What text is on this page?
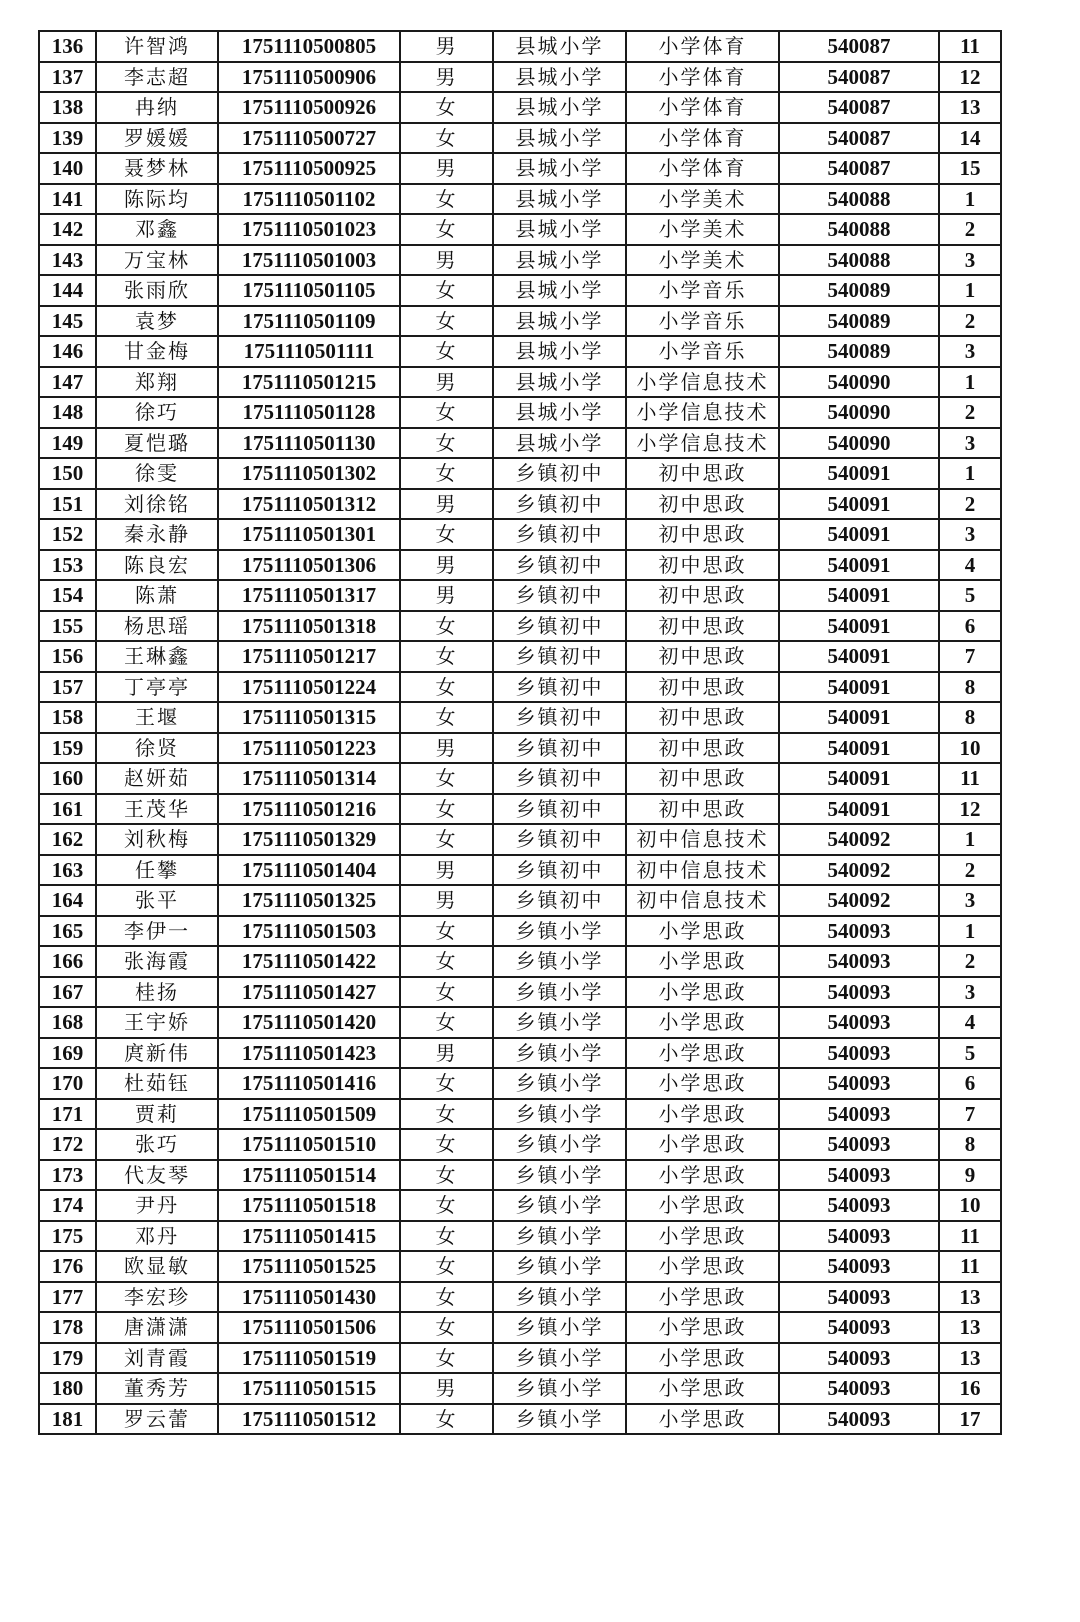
136	许智鸿	1751110500805	男	县城小学	小学体育	540087	11
137	李志超	1751110500906	男	县城小学	小学体育	540087	12
138	冉纳	1751110500926	女	县城小学	小学体育	540087	13
139	罗媛媛	1751110500727	女	县城小学	小学体育	540087	14
140	聂梦林	1751110500925	男	县城小学	小学体育	540087	15
141	陈际均	1751110501102	女	县城小学	小学美术	540088	1
142	邓鑫	1751110501023	女	县城小学	小学美术	540088	2
143	万宝林	1751110501003	男	县城小学	小学美术	540088	3
144	张雨欣	1751110501105	女	县城小学	小学音乐	540089	1
145	袁梦	1751110501109	女	县城小学	小学音乐	540089	2
146	甘金梅	1751110501111	女	县城小学	小学音乐	540089	3
147	郑翔	1751110501215	男	县城小学	小学信息技术	540090	1
148	徐巧	1751110501128	女	县城小学	小学信息技术	540090	2
149	夏恺璐	1751110501130	女	县城小学	小学信息技术	540090	3
150	徐雯	1751110501302	女	乡镇初中	初中思政	540091	1
151	刘徐铭	1751110501312	男	乡镇初中	初中思政	540091	2
152	秦永静	1751110501301	女	乡镇初中	初中思政	540091	3
153	陈良宏	1751110501306	男	乡镇初中	初中思政	540091	4
154	陈萧	1751110501317	男	乡镇初中	初中思政	540091	5
155	杨思瑶	1751110501318	女	乡镇初中	初中思政	540091	6
156	王琳鑫	1751110501217	女	乡镇初中	初中思政	540091	7
157	丁亭亭	1751110501224	女	乡镇初中	初中思政	540091	8
158	王堰	1751110501315	女	乡镇初中	初中思政	540091	8
159	徐贤	1751110501223	男	乡镇初中	初中思政	540091	10
160	赵妍茹	1751110501314	女	乡镇初中	初中思政	540091	11
161	王茂华	1751110501216	女	乡镇初中	初中思政	540091	12
162	刘秋梅	1751110501329	女	乡镇初中	初中信息技术	540092	1
163	任攀	1751110501404	男	乡镇初中	初中信息技术	540092	2
164	张平	1751110501325	男	乡镇初中	初中信息技术	540092	3
165	李伊一	1751110501503	女	乡镇小学	小学思政	540093	1
166	张海霞	1751110501422	女	乡镇小学	小学思政	540093	2
167	桂扬	1751110501427	女	乡镇小学	小学思政	540093	3
168	王宇娇	1751110501420	女	乡镇小学	小学思政	540093	4
169	庹新伟	1751110501423	男	乡镇小学	小学思政	540093	5
170	杜茹钰	1751110501416	女	乡镇小学	小学思政	540093	6
171	贾莉	1751110501509	女	乡镇小学	小学思政	540093	7
172	张巧	1751110501510	女	乡镇小学	小学思政	540093	8
173	代友琴	1751110501514	女	乡镇小学	小学思政	540093	9
174	尹丹	1751110501518	女	乡镇小学	小学思政	540093	10
175	邓丹	1751110501415	女	乡镇小学	小学思政	540093	11
176	欧显敏	1751110501525	女	乡镇小学	小学思政	540093	11
177	李宏珍	1751110501430	女	乡镇小学	小学思政	540093	13
178	唐潇潇	1751110501506	女	乡镇小学	小学思政	540093	13
179	刘青霞	1751110501519	女	乡镇小学	小学思政	540093	13
180	董秀芳	1751110501515	男	乡镇小学	小学思政	540093	16
181	罗云蕾	1751110501512	女	乡镇小学	小学思政	540093	17
